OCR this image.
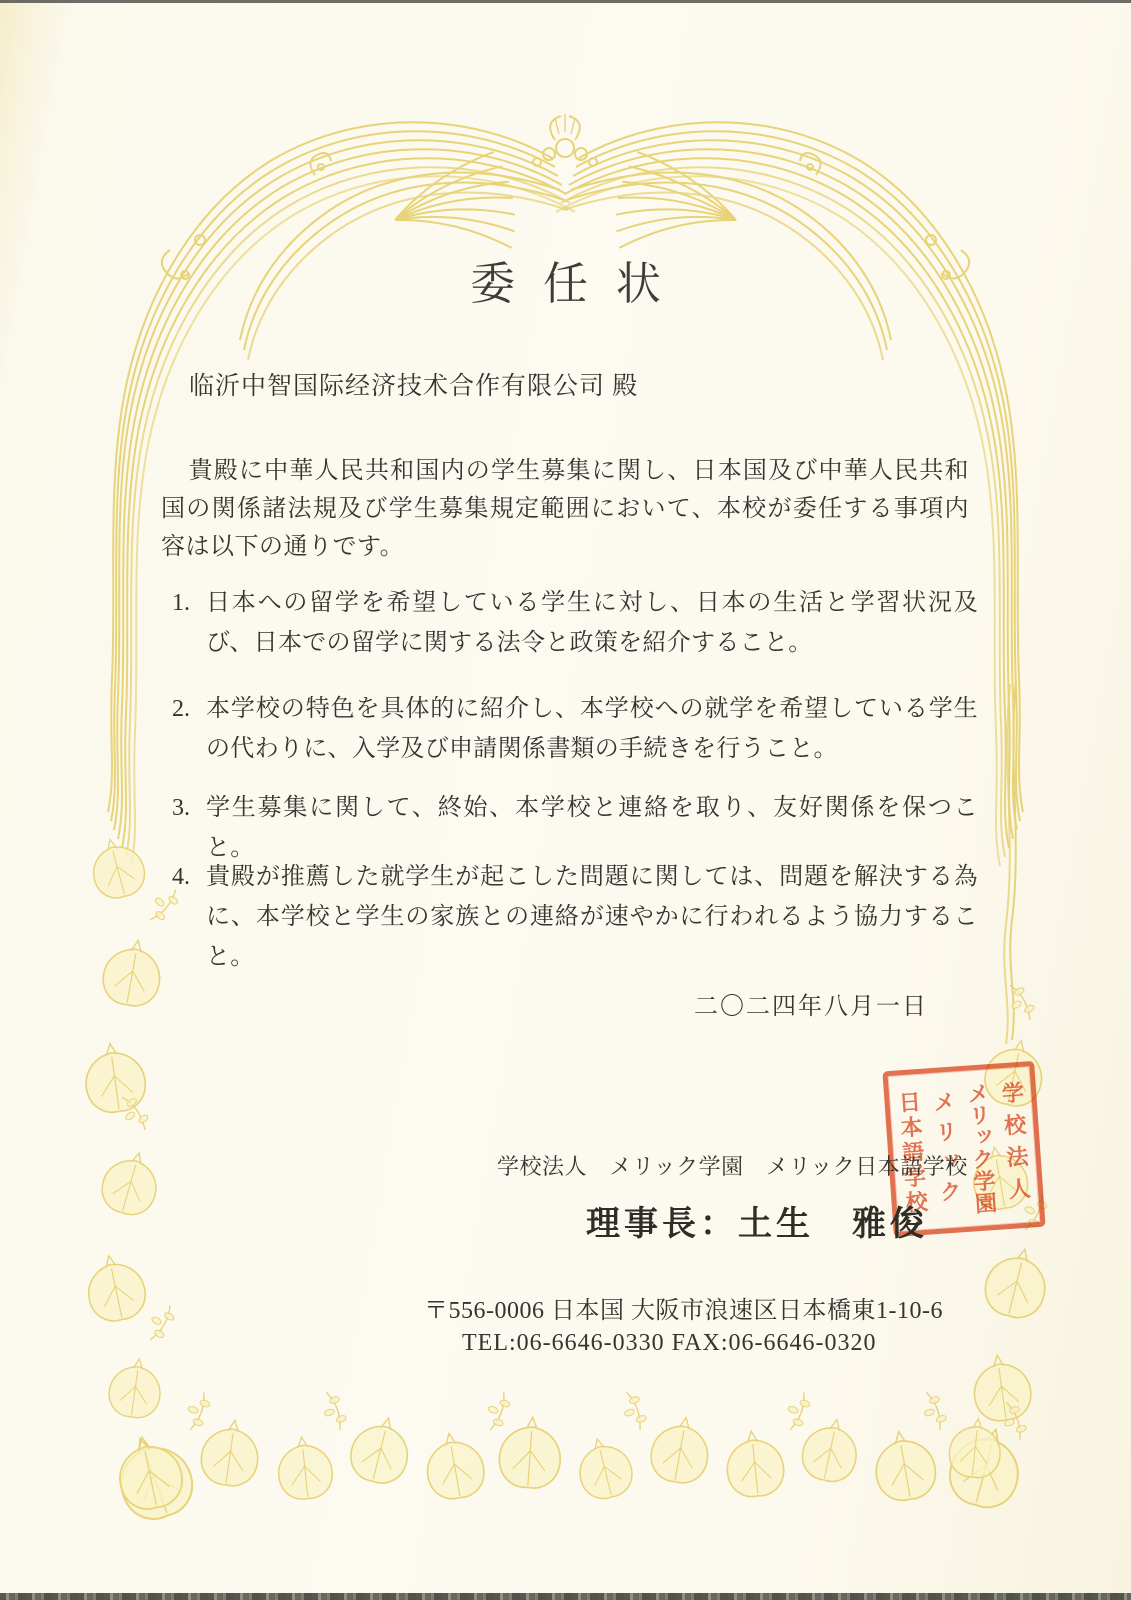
委任状
临沂中智国际经济技术合作有限公司 殿
貴殿に中華人民共和国内の学生募集に関し、日本国及び中華人民共和国の関係諸法規及び学生募集規定範囲において、本校が委任する事項内容は以下の通りです。
1. 日本への留学を希望している学生に対し、日本の生活と学習状況及び、日本での留学に関する法令と政策を紹介すること。
2. 本学校の特色を具体的に紹介し、本学校への就学を希望している学生の代わりに、入学及び申請関係書類の手続きを行うこと。
3. 学生募集に関して、終始、本学校と連絡を取り、友好関係を保つこと。
4. 貴殿が推薦した就学生が起こした問題に関しては、問題を解決する為に、本学校と学生の家族との連絡が速やかに行われるよう協力すること。
二〇二四年八月一日
学校法人
メリック学園
メリック
日本語学校
学校法人　メリック学園　メリック日本語学校
理事長：土生　雅俊
〒556-0006 日本国 大阪市浪速区日本橋東1-10-6
TEL:06-6646-0330 FAX:06-6646-0320
